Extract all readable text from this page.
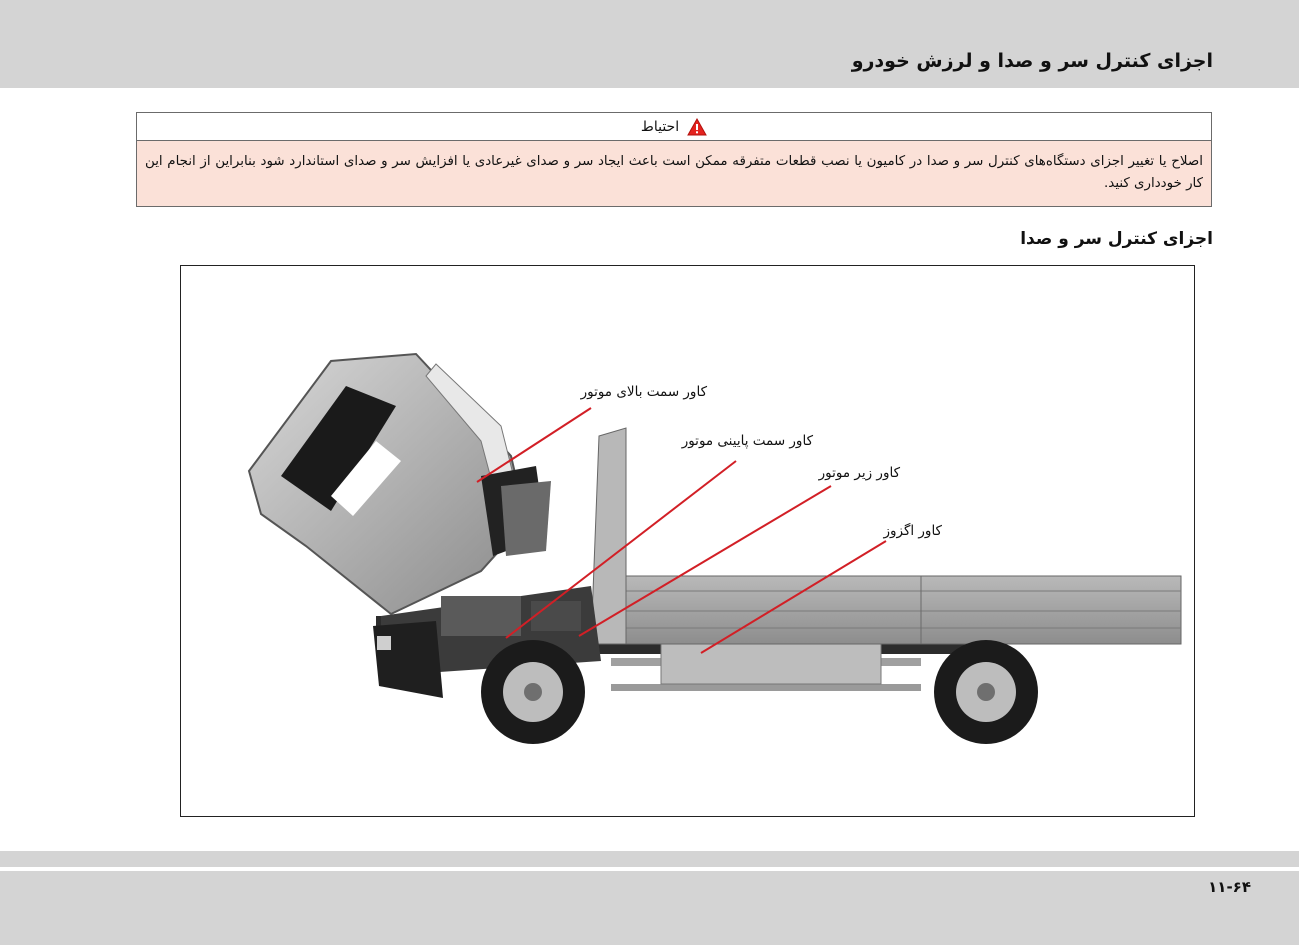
اجزای کنترل سر و صدا و لرزش خودرو
احتیاط
اصلاح یا تغییر اجزای دستگاه‌های کنترل سر و صدا در کامیون یا نصب قطعات متفرقه ممکن است باعث ایجاد سر و صدای غیرعادی یا افزایش سر و صدای استاندارد شود بنابراین از انجام این کار خودداری کنید.
اجزای کنترل سر و صدا
کاور سمت بالای موتور
کاور سمت پایینی موتور
کاور زیر موتور
کاور اگزوز
۱۱-۶۴
